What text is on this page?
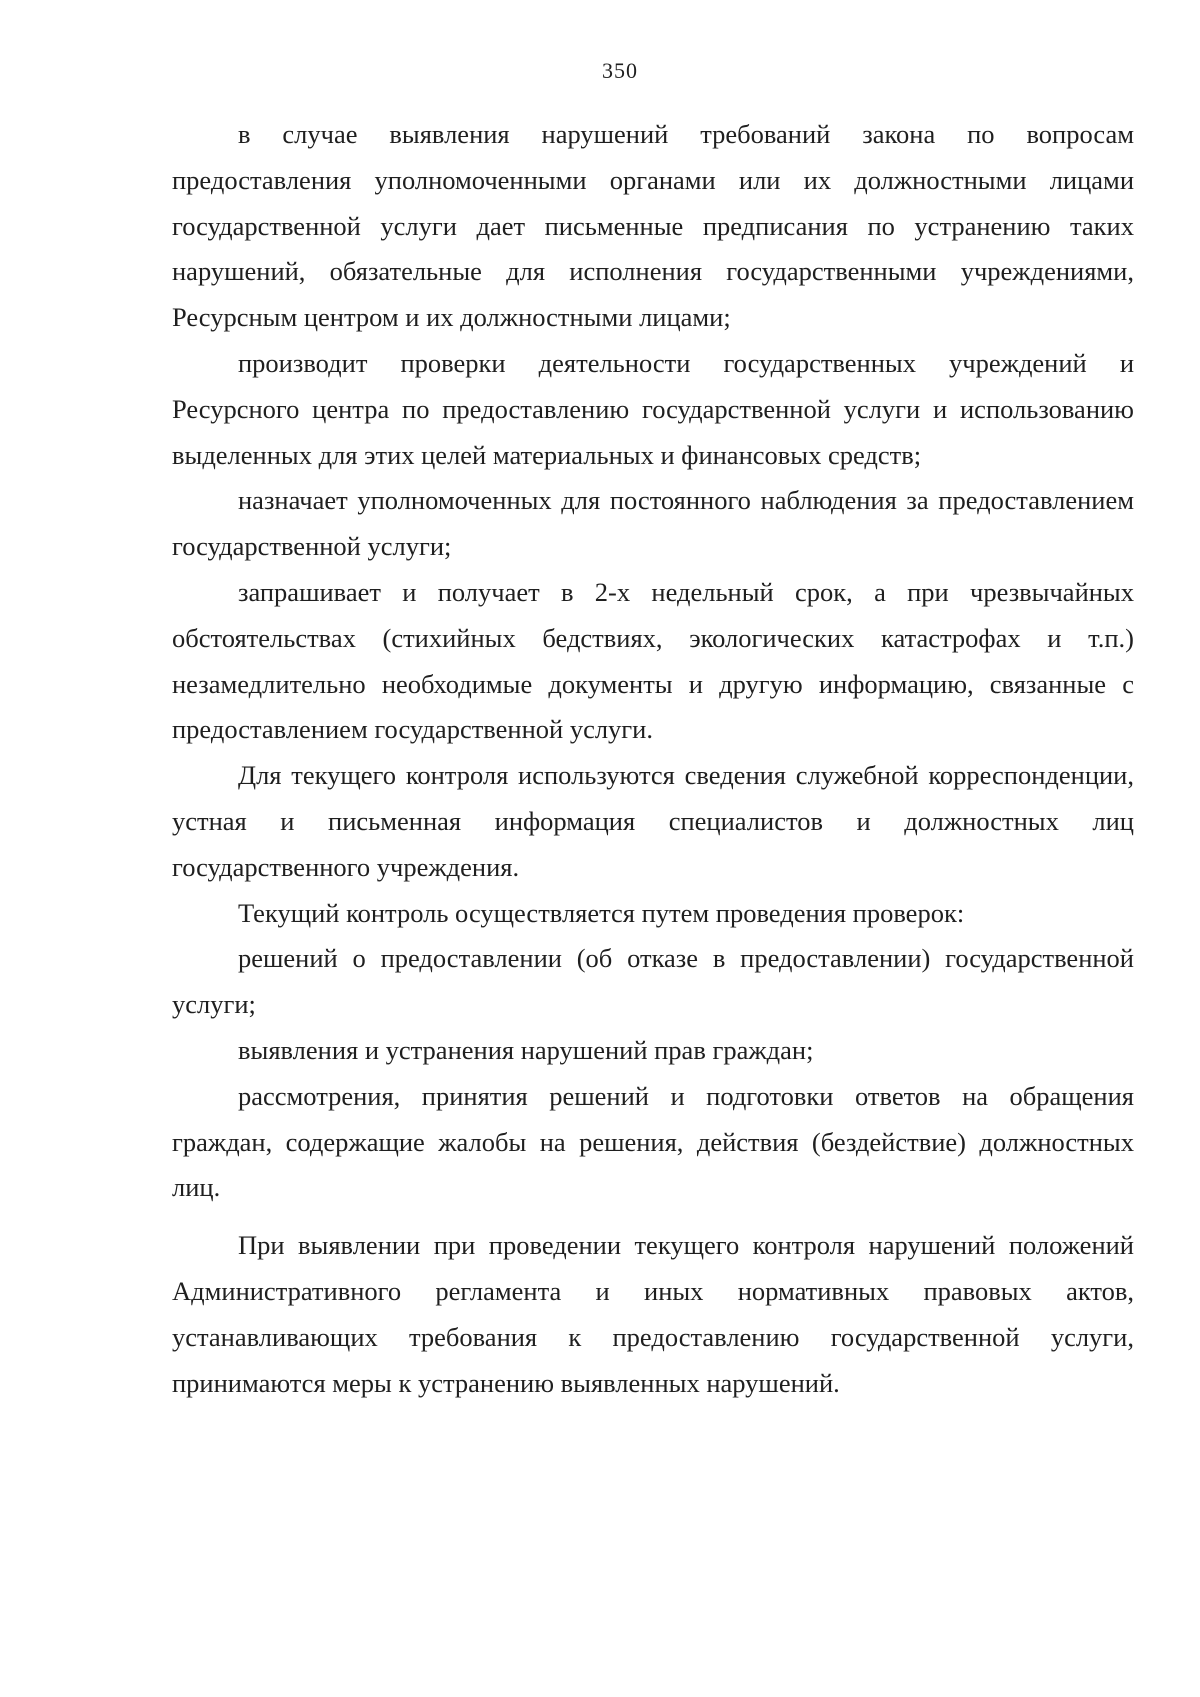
350

в случае выявления нарушений требований закона по вопросам предоставления уполномоченными органами или их должностными лицами государственной услуги дает письменные предписания по устранению таких нарушений, обязательные для исполнения государственными учреждениями, Ресурсным центром и их должностными лицами;

производит проверки деятельности государственных учреждений и Ресурсного центра по предоставлению государственной услуги и использованию выделенных для этих целей материальных и финансовых средств;

назначает уполномоченных для постоянного наблюдения за предоставлением государственной услуги;

запрашивает и получает в 2-х недельный срок, а при чрезвычайных обстоятельствах (стихийных бедствиях, экологических катастрофах и т.п.) незамедлительно необходимые документы и другую информацию, связанные с предоставлением государственной услуги.

Для текущего контроля используются сведения служебной корреспонденции, устная и письменная информация специалистов и должностных лиц государственного учреждения.

Текущий контроль осуществляется путем проведения проверок:

решений о предоставлении (об отказе в предоставлении) государственной услуги;

выявления и устранения нарушений прав граждан;

рассмотрения, принятия решений и подготовки ответов на обращения граждан, содержащие жалобы на решения, действия (бездействие) должностных лиц.

При выявлении при проведении текущего контроля нарушений положений Административного регламента и иных нормативных правовых актов, устанавливающих требования к предоставлению государственной услуги, принимаются меры к устранению выявленных нарушений.
